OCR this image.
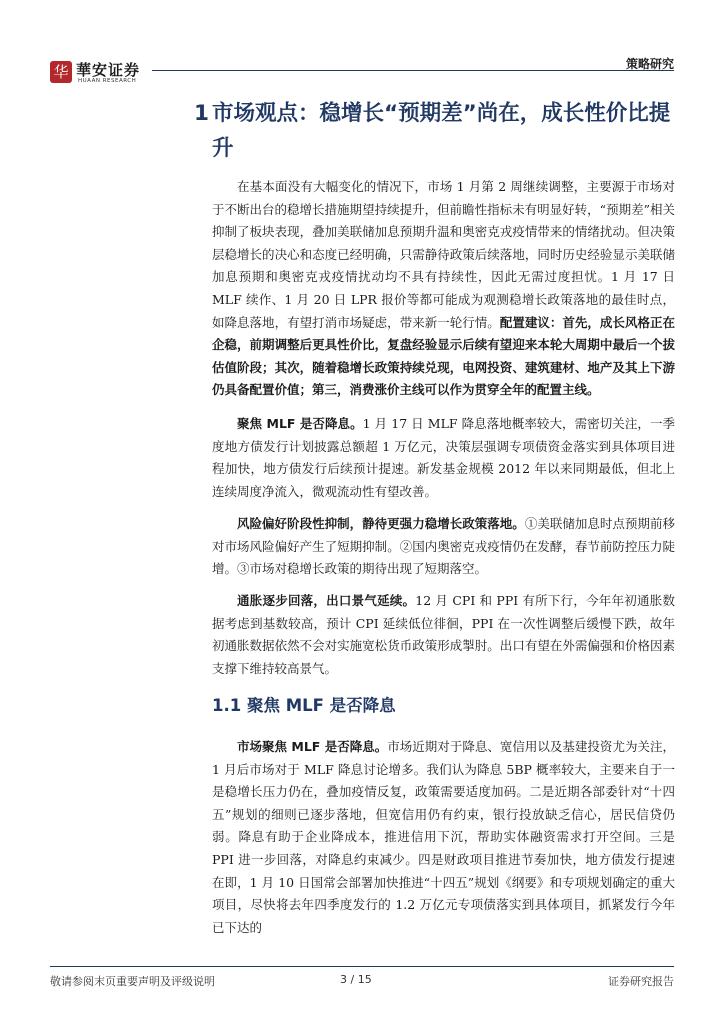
华 華安证券
HUAAN RESEARCH
策略研究
1 市场观点：稳增长“预期差”尚在，成长性价比提升

在基本面没有大幅变化的情况下，市场 1 月第 2 周继续调整，主要源于市场对于不断出台的稳增长措施期望持续提升，但前瞻性指标未有明显好转，“预期差”相关抑制了板块表现，叠加美联储加息预期升温和奥密克戎疫情带来的情绪扰动。但决策层稳增长的决心和态度已经明确，只需静待政策后续落地，同时历史经验显示美联储加息预期和奥密克戎疫情扰动均不具有持续性，因此无需过度担忧。1 月 17 日 MLF 续作、1 月 20 日 LPR 报价等都可能成为观测稳增长政策落地的最佳时点，如降息落地，有望打消市场疑虑，带来新一轮行情。配置建议：首先，成长风格正在企稳，前期调整后更具性价比，复盘经验显示后续有望迎来本轮大周期中最后一个拔估值阶段；其次，随着稳增长政策持续兑现，电网投资、建筑建材、地产及其上下游仍具备配置价值；第三，消费涨价主线可以作为贯穿全年的配置主线。

聚焦 MLF 是否降息。1 月 17 日 MLF 降息落地概率较大，需密切关注，一季度地方债发行计划披露总额超 1 万亿元，决策层强调专项债资金落实到具体项目进程加快，地方债发行后续预计提速。新发基金规模 2012 年以来同期最低，但北上连续周度净流入，微观流动性有望改善。

风险偏好阶段性抑制，静待更强力稳增长政策落地。①美联储加息时点预期前移对市场风险偏好产生了短期抑制。②国内奥密克戎疫情仍在发酵，春节前防控压力陡增。③市场对稳增长政策的期待出现了短期落空。

通胀逐步回落，出口景气延续。12 月 CPI 和 PPI 有所下行，今年年初通胀数据考虑到基数较高，预计 CPI 延续低位徘徊，PPI 在一次性调整后缓慢下跌，故年初通胀数据依然不会对实施宽松货币政策形成掣肘。出口有望在外需偏强和价格因素支撑下维持较高景气。

1.1 聚焦 MLF 是否降息

市场聚焦 MLF 是否降息。市场近期对于降息、宽信用以及基建投资尤为关注，1 月后市场对于 MLF 降息讨论增多。我们认为降息 5BP 概率较大，主要来自于一是稳增长压力仍在，叠加疫情反复，政策需要适度加码。二是近期各部委针对“十四五”规划的细则已逐步落地，但宽信用仍有约束，银行投放缺乏信心，居民信贷仍弱。降息有助于企业降成本，推进信用下沉，帮助实体融资需求打开空间。三是 PPI 进一步回落，对降息约束减少。四是财政项目推进节奏加快，地方债发行提速在即，1 月 10 日国常会部署加快推进“十四五”规划《纲要》和专项规划确定的重大项目，尽快将去年四季度发行的 1.2 万亿元专项债落实到具体项目，抓紧发行今年已下达的

敬请参阅末页重要声明及评级说明	3 / 15	证券研究报告
